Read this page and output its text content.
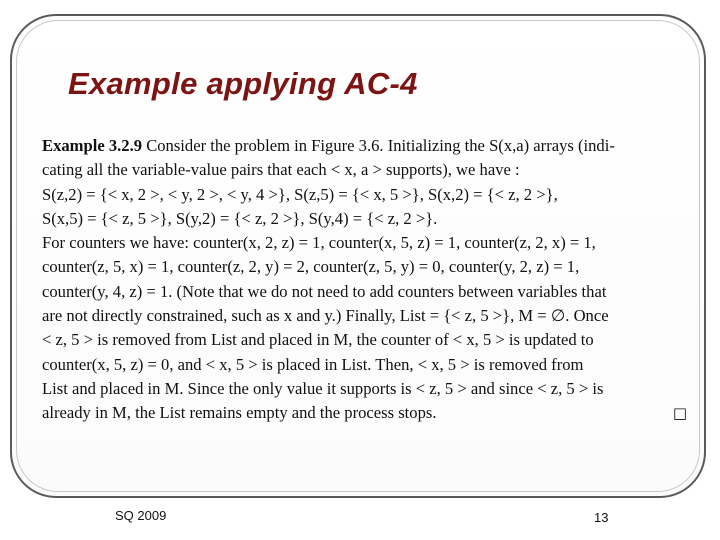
Example applying AC-4
Example 3.2.9 Consider the problem in Figure 3.6. Initializing the S(x,a) arrays (indi-
cating all the variable-value pairs that each < x, a > supports), we have :
S(z,2) = {< x, 2 >, < y, 2 >, < y, 4 >}, S(z,5) = {< x, 5 >}, S(x,2) = {< z, 2 >},
S(x,5) = {< z, 5 >}, S(y,2) = {< z, 2 >}, S(y,4) = {< z, 2 >}.
For counters we have: counter(x, 2, z) = 1, counter(x, 5, z) = 1, counter(z, 2, x) = 1,
counter(z, 5, x) = 1, counter(z, 2, y) = 2, counter(z, 5, y) = 0, counter(y, 2, z) = 1,
counter(y, 4, z) = 1. (Note that we do not need to add counters between variables that
are not directly constrained, such as x and y.) Finally, List = {< z, 5 >}, M = ∅. Once
< z, 5 > is removed from List and placed in M, the counter of < x, 5 > is updated to
counter(x, 5, z) = 0, and < x, 5 > is placed in List. Then, < x, 5 > is removed from
List and placed in M. Since the only value it supports is < z, 5 > and since < z, 5 > is
already in M, the List remains empty and the process stops.	□
SQ 2009	13
